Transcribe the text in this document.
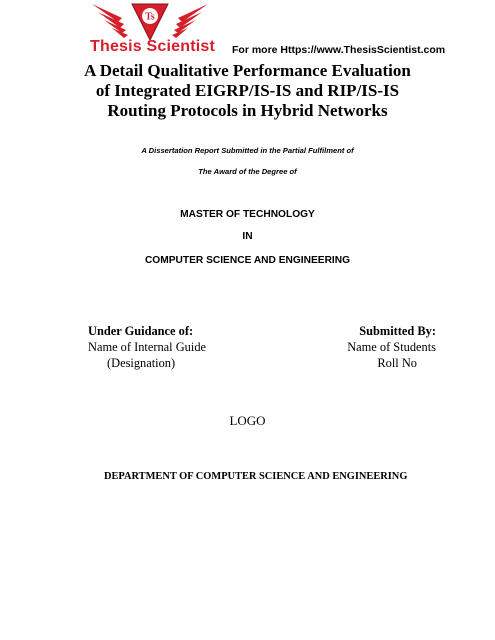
Ts
Thesis Scientist For more Https://www.ThesisScientist.com
A Detail Qualitative Performance Evaluation
of Integrated EIGRP/IS-IS and RIP/IS-IS
Routing Protocols in Hybrid Networks
A Dissertation Report Submitted in the Partial Fulfilment of
The Award of the Degree of
MASTER OF TECHNOLOGY
IN
COMPUTER SCIENCE AND ENGINEERING
Under Guidance of:
Name of Internal Guide
(Designation)
Submitted By:
Name of Students
Roll No
LOGO
DEPARTMENT OF COMPUTER SCIENCE AND ENGINEERING
